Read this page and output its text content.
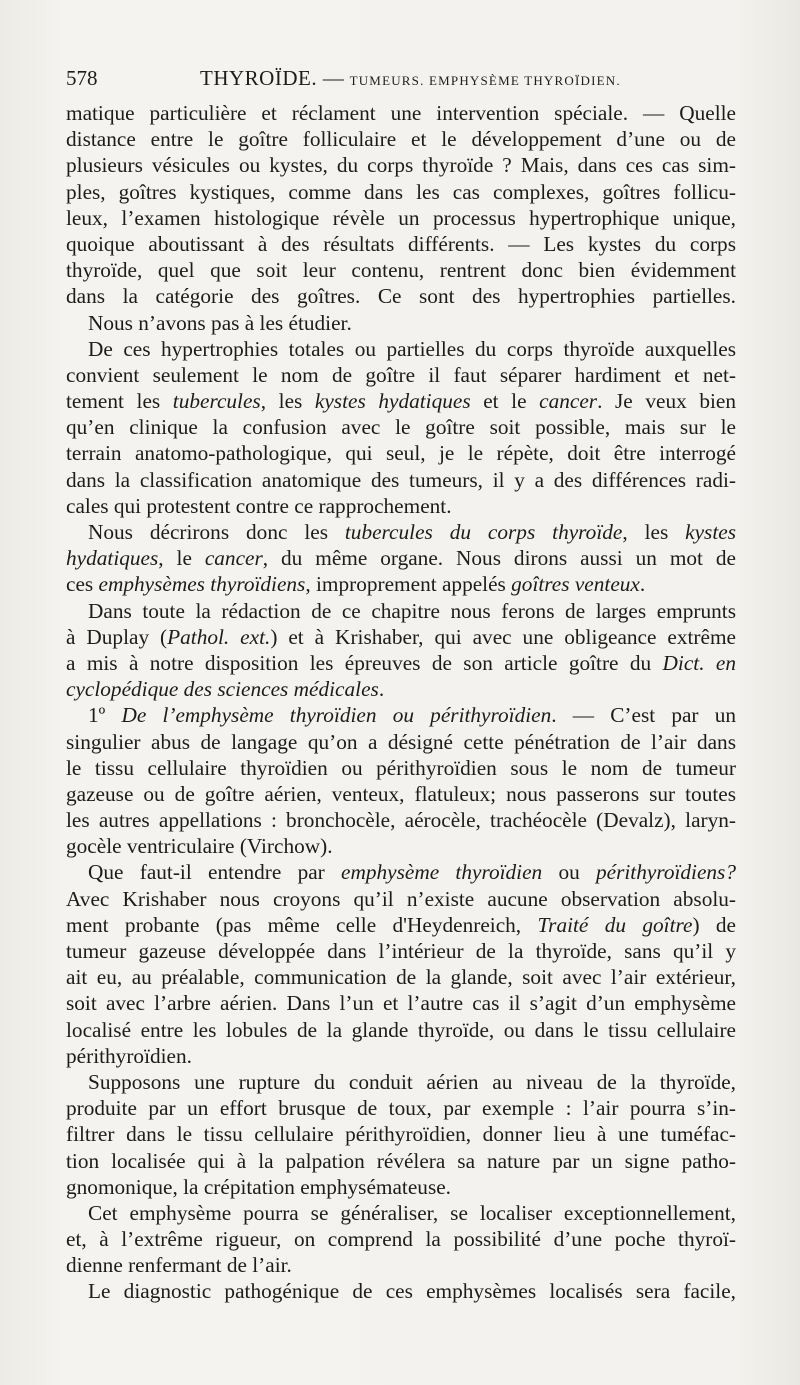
578	THYROÏDE. — TUMEURS. EMPHYSÈME THYROÏDIEN.
matique particulière et réclament une intervention spéciale. — Quelle
distance entre le goître folliculaire et le développement d’une ou de
plusieurs vésicules ou kystes, du corps thyroïde ? Mais, dans ces cas sim-
ples, goîtres kystiques, comme dans les cas complexes, goîtres follicu-
leux, l’examen histologique révèle un processus hypertrophique unique,
quoique aboutissant à des résultats différents. — Les kystes du corps
thyroïde, quel que soit leur contenu, rentrent donc bien évidemment
dans la catégorie des goîtres. Ce sont des hypertrophies partielles.
Nous n’avons pas à les étudier.
De ces hypertrophies totales ou partielles du corps thyroïde auxquelles
convient seulement le nom de goître il faut séparer hardiment et net-
tement les tubercules, les kystes hydatiques et le cancer. Je veux bien
qu’en clinique la confusion avec le goître soit possible, mais sur le
terrain anatomo-pathologique, qui seul, je le répète, doit être interrogé
dans la classification anatomique des tumeurs, il y a des différences radi-
cales qui protestent contre ce rapprochement.
Nous décrirons donc les tubercules du corps thyroïde, les kystes
hydatiques, le cancer, du même organe. Nous dirons aussi un mot de
ces emphysèmes thyroïdiens, improprement appelés goîtres venteux.
Dans toute la rédaction de ce chapitre nous ferons de larges emprunts
à Duplay (Pathol. ext.) et à Krishaber, qui avec une obligeance extrême
a mis à notre disposition les épreuves de son article goître du Dict. en
cyclopédique des sciences médicales.
1º De l’emphysème thyroïdien ou périthyroïdien. — C’est par un
singulier abus de langage qu’on a désigné cette pénétration de l’air dans
le tissu cellulaire thyroïdien ou périthyroïdien sous le nom de tumeur
gazeuse ou de goître aérien, venteux, flatuleux; nous passerons sur toutes
les autres appellations : bronchocèle, aérocèle, trachéocèle (Devalz), laryn-
gocèle ventriculaire (Virchow).
Que faut-il entendre par emphysème thyroïdien ou périthyroïdiens?
Avec Krishaber nous croyons qu’il n’existe aucune observation absolu-
ment probante (pas même celle d'Heydenreich, Traité du goître) de
tumeur gazeuse développée dans l’intérieur de la thyroïde, sans qu’il y
ait eu, au préalable, communication de la glande, soit avec l’air extérieur,
soit avec l’arbre aérien. Dans l’un et l’autre cas il s’agit d’un emphysème
localisé entre les lobules de la glande thyroïde, ou dans le tissu cellulaire
périthyroïdien.
Supposons une rupture du conduit aérien au niveau de la thyroïde,
produite par un effort brusque de toux, par exemple : l’air pourra s’in-
filtrer dans le tissu cellulaire périthyroïdien, donner lieu à une tuméfac-
tion localisée qui à la palpation révélera sa nature par un signe patho-
gnomonique, la crépitation emphysémateuse.
Cet emphysème pourra se généraliser, se localiser exceptionnellement,
et, à l’extrême rigueur, on comprend la possibilité d’une poche thyroï-
dienne renfermant de l’air.
Le diagnostic pathogénique de ces emphysèmes localisés sera facile,
